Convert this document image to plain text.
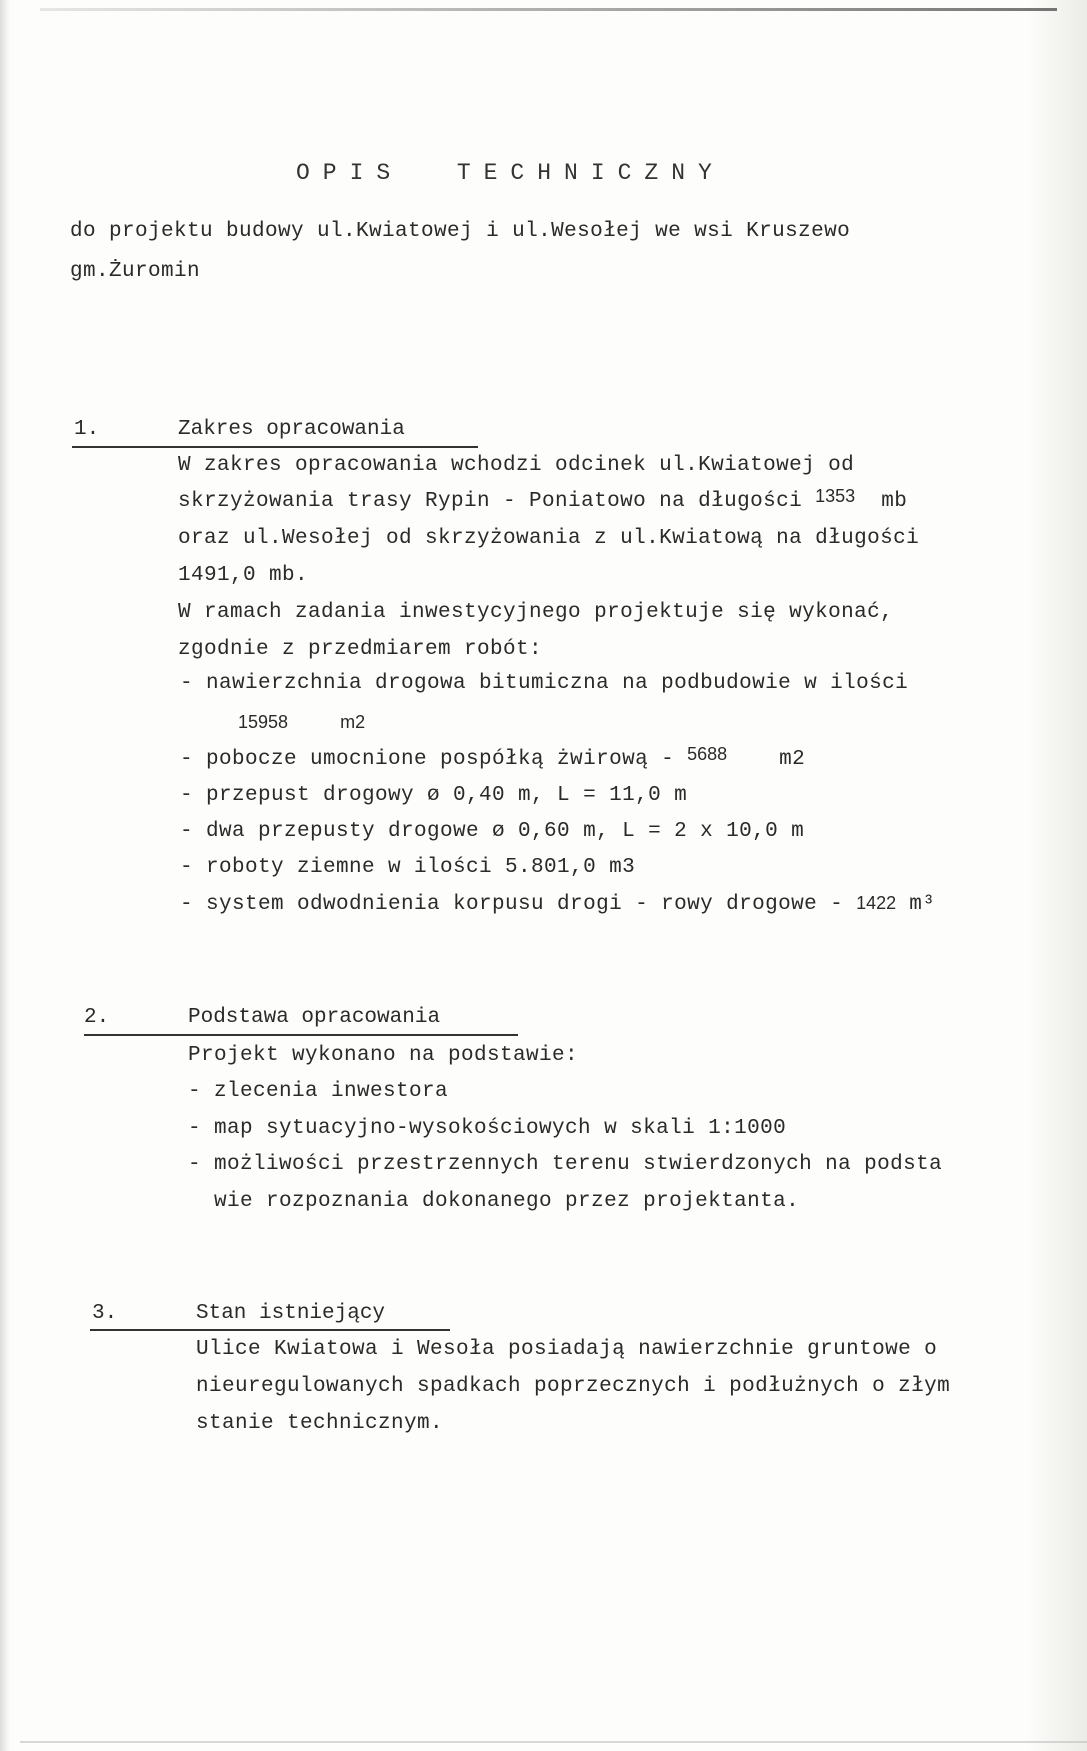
OPIS  TECHNICZNY
do projektu budowy ul.Kwiatowej i ul.Wesołej we wsi Kruszewo
gm.Żuromin
1.	Zakres opracowania
W zakres opracowania wchodzi odcinek ul.Kwiatowej od
skrzyżowania trasy Rypin - Poniatowo na długości 1353 mb
oraz ul.Wesołej od skrzyżowania z ul.Kwiatową na długości
1491,0 mb.
W ramach zadania inwestycyjnego projektuje się wykonać,
zgodnie z przedmiarem robót:
- nawierzchnia drogowa bitumiczna na podbudowie w ilości
15958	m2
- pobocze umocnione pospółką żwirową - 5688 m2
- przepust drogowy ø 0,40 m, L = 11,0 m
- dwa przepusty drogowe ø 0,60 m, L = 2 x 10,0 m
- roboty ziemne w ilości 5.801,0 m3
- system odwodnienia korpusu drogi - rowy drogowe - 1422 m³
2.	Podstawa opracowania
Projekt wykonano na podstawie:
- zlecenia inwestora
- map sytuacyjno-wysokościowych w skali 1:1000
- możliwości przestrzennych terenu stwierdzonych na podsta
wie rozpoznania dokonanego przez projektanta.
3.	Stan istniejący
Ulice Kwiatowa i Wesoła posiadają nawierzchnie gruntowe o
nieuregulowanych spadkach poprzecznych i podłużnych o złym
stanie technicznym.
